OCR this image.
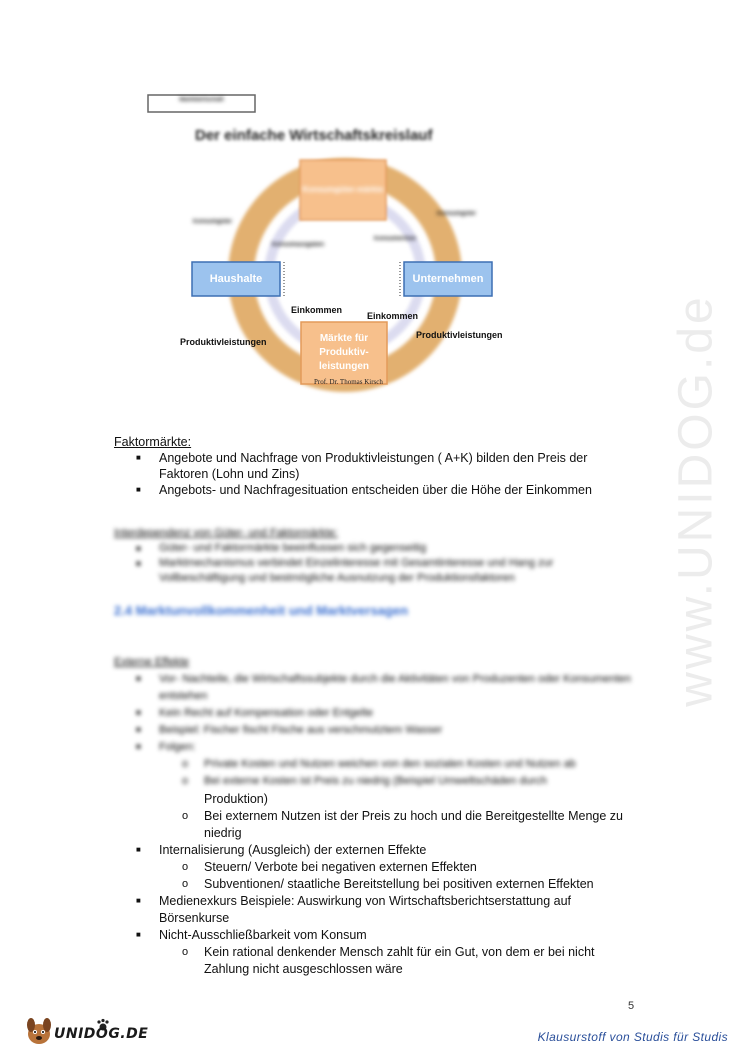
www.UNIDOG.de
Marktwirtschaft
Der einfache Wirtschaftskreislauf
Konsumgüter-märkte
Haushalte	Unternehmen
Märkte für Produktiv-leistungen
Konsumgüter
Konsumgüter
Konsumausgaben
Konsumerlöse
Einkommen
Einkommen
Produktivleistungen
Produktivleistungen
Prof. Dr. Thomas Kirsch
Faktormärkte:
■ Angebote und Nachfrage von Produktivleistungen ( A+K) bilden den Preis der Faktoren (Lohn und Zins)
■ Angebots- und Nachfragesituation entscheiden über die Höhe der Einkommen
Interdependenz von Güter- und Faktormärkte:
■ Güter- und Faktormärkte beeinflussen sich gegenseitig
■ Marktmechanismus verbindet Einzelinteresse mit Gesamtinteresse und Hang zur Vollbeschäftigung und bestmögliche Ausnutzung der Produktionsfaktoren
2.4 Marktunvollkommenheit und Marktversagen
Externe Effekte
■ Vor- Nachteile, die Wirtschaftssubjekte durch die Aktivitäten von Produzenten oder Konsumenten entstehen
■ Kein Recht auf Kompensation oder Entgelte
■ Beispiel: Fischer fischt Fische aus verschmutztem Wasser
■ Folgen:
o Private Kosten und Nutzen weichen von den sozialen Kosten und Nutzen ab
o Bei externe Kosten ist Preis zu niedrig (Beispiel Umweltschäden durch
Produktion)
o Bei externem Nutzen ist der Preis zu hoch und die Bereitgestellte Menge zu niedrig
■ Internalisierung (Ausgleich) der externen Effekte
o Steuern/ Verbote bei negativen externen Effekten
o Subventionen/ staatliche Bereitstellung bei positiven externen Effekten
■ Medienexkurs Beispiele: Auswirkung von Wirtschaftsberichtserstattung auf Börsenkurse
■ Nicht-Ausschließbarkeit vom Konsum
o Kein rational denkender Mensch zahlt für ein Gut, von dem er bei nicht Zahlung nicht ausgeschlossen wäre
5
UNIDOG.DE	Klausurstoff von Studis für Studis
